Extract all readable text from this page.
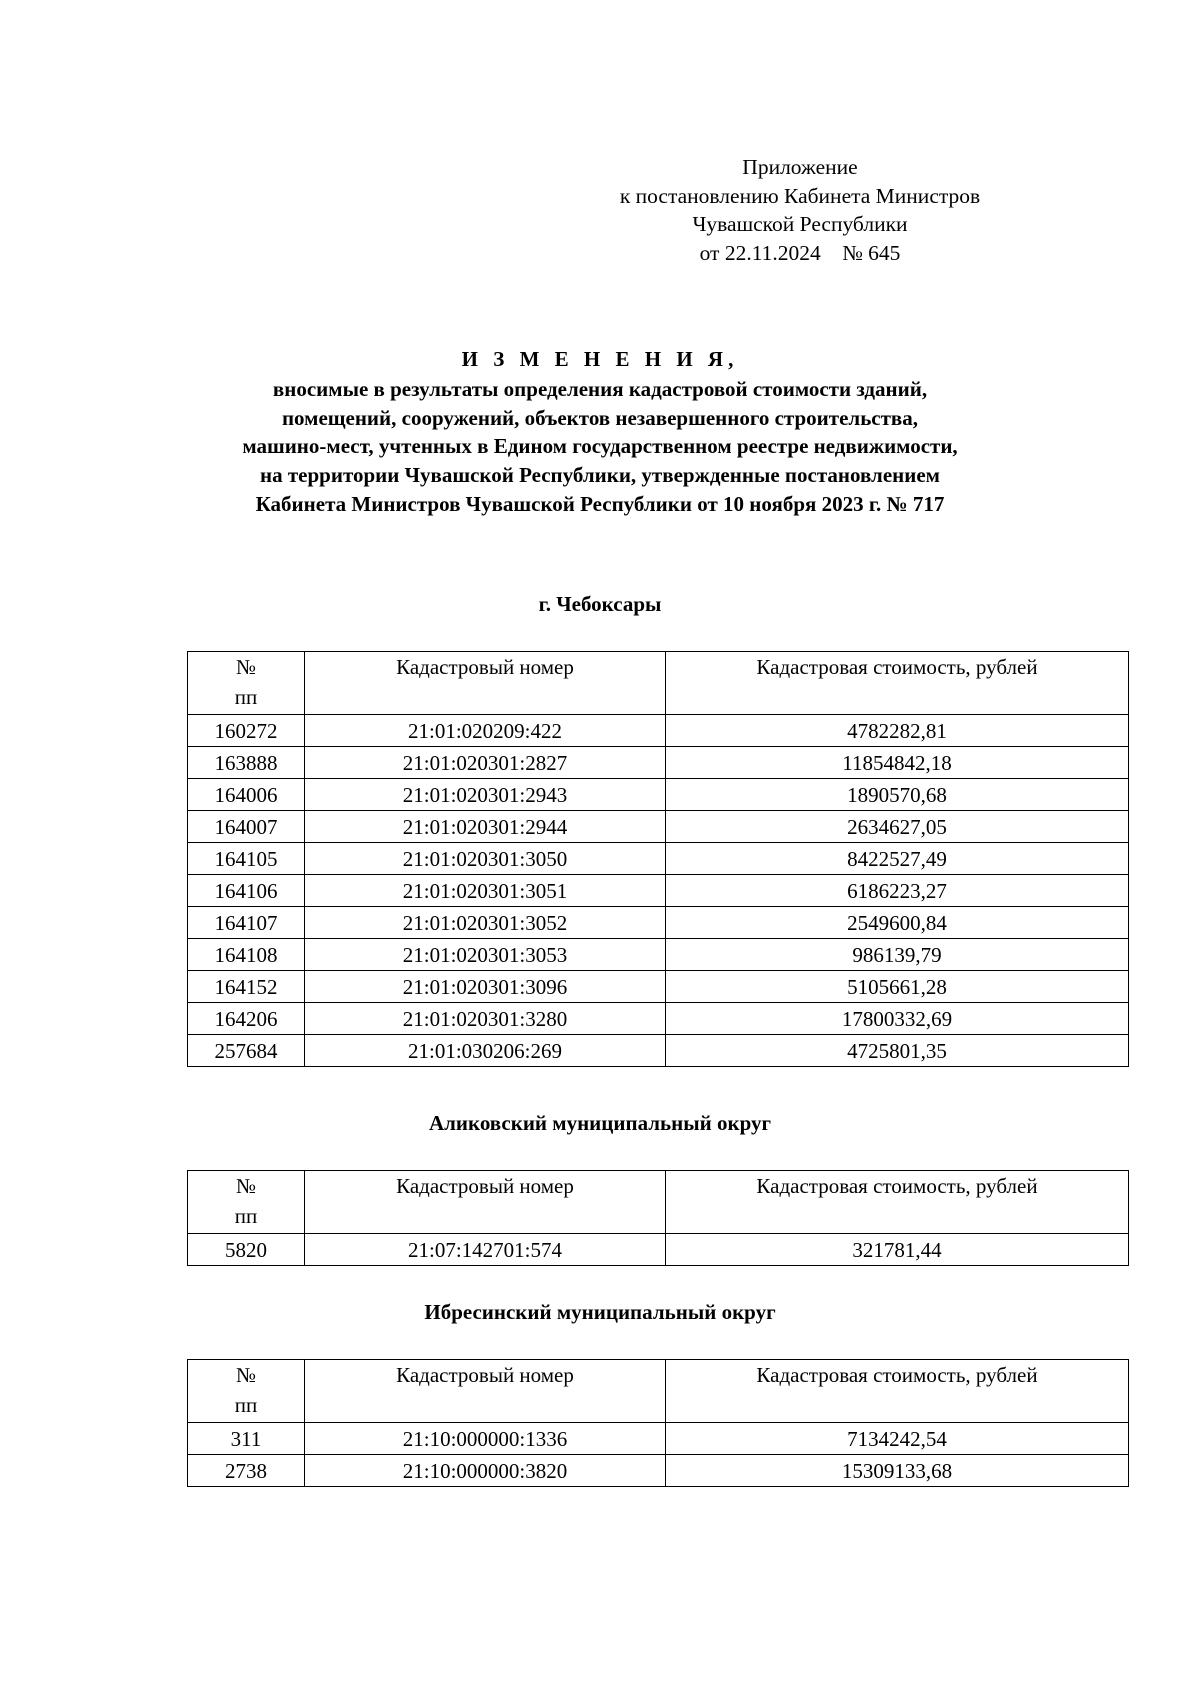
Приложение
к постановлению Кабинета Министров
Чувашской Республики
от 22.11.2024    № 645
И З М Е Н Е Н И Я,
вносимые в результаты определения кадастровой стоимости зданий,
помещений, сооружений, объектов незавершенного строительства,
машино-мест, учтенных в Едином государственном реестре недвижимости,
на территории Чувашской Республики, утвержденные постановлением
Кабинета Министров Чувашской Республики от 10 ноября 2023 г. № 717
г. Чебоксары
№
пп	Кадастровый номер	Кадастровая стоимость, рублей
160272	21:01:020209:422	4782282,81
163888	21:01:020301:2827	11854842,18
164006	21:01:020301:2943	1890570,68
164007	21:01:020301:2944	2634627,05
164105	21:01:020301:3050	8422527,49
164106	21:01:020301:3051	6186223,27
164107	21:01:020301:3052	2549600,84
164108	21:01:020301:3053	986139,79
164152	21:01:020301:3096	5105661,28
164206	21:01:020301:3280	17800332,69
257684	21:01:030206:269	4725801,35
Аликовский муниципальный округ
№
пп	Кадастровый номер	Кадастровая стоимость, рублей
5820	21:07:142701:574	321781,44
Ибресинский муниципальный округ
№
пп	Кадастровый номер	Кадастровая стоимость, рублей
311	21:10:000000:1336	7134242,54
2738	21:10:000000:3820	15309133,68
